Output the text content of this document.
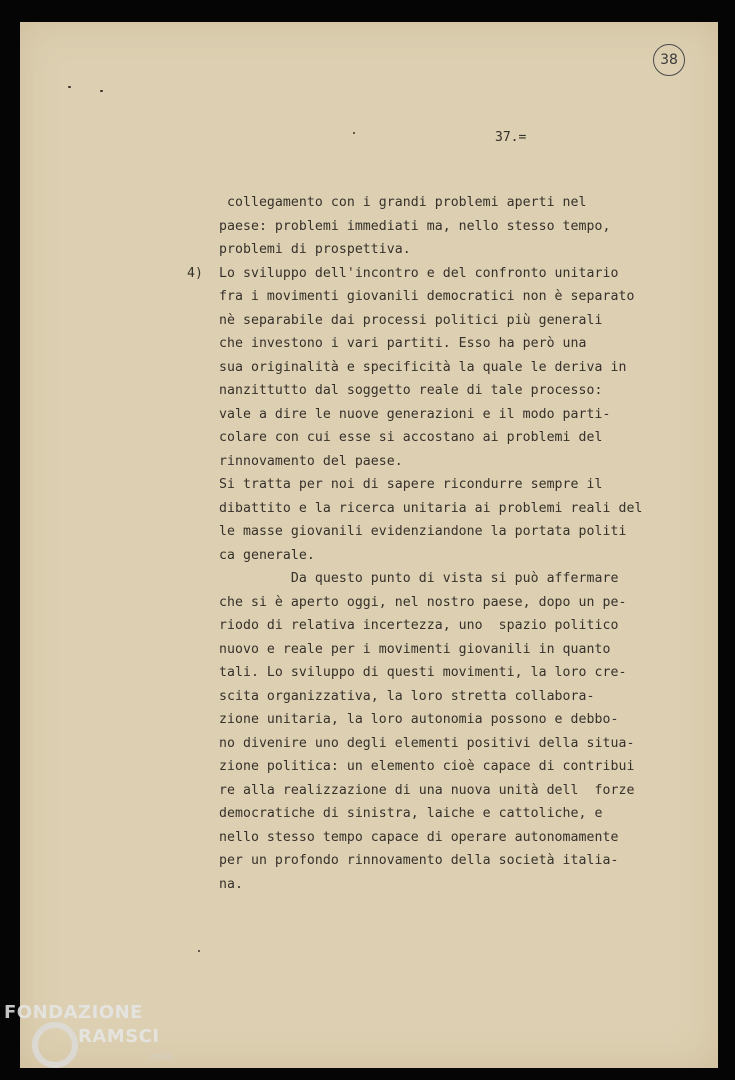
38
37.=
4)
collegamento con i grandi problemi aperti nel
paese: problemi immediati ma, nello stesso tempo,
problemi di prospettiva.
Lo sviluppo dell'incontro e del confronto unitario
fra i movimenti giovanili democratici non è separato
nè separabile dai processi politici più generali
che investono i vari partiti. Esso ha però una
sua originalità e specificità la quale le deriva in
nanzittutto dal soggetto reale di tale processo:
vale a dire le nuove generazioni e il modo parti-
colare con cui esse si accostano ai problemi del
rinnovamento del paese.
Si tratta per noi di sapere ricondurre sempre il
dibattito e la ricerca unitaria ai problemi reali del
le masse giovanili evidenziandone la portata politi
ca generale.
Da questo punto di vista si può affermare
che si è aperto oggi, nel nostro paese, dopo un pe-
riodo di relativa incertezza, uno  spazio politico
nuovo e reale per i movimenti giovanili in quanto
tali. Lo sviluppo di questi movimenti, la loro cre-
scita organizzativa, la loro stretta collabora-
zione unitaria, la loro autonomia possono e debbo-
no divenire uno degli elementi positivi della situa-
zione politica: un elemento cioè capace di contribui
re alla realizzazione di una nuova unità dell  forze
democratiche di sinistra, laiche e cattoliche, e
nello stesso tempo capace di operare autonomamente
per un profondo rinnovamento della società italia-
na.
FONDAZIONE
RAMSCI
onlus
